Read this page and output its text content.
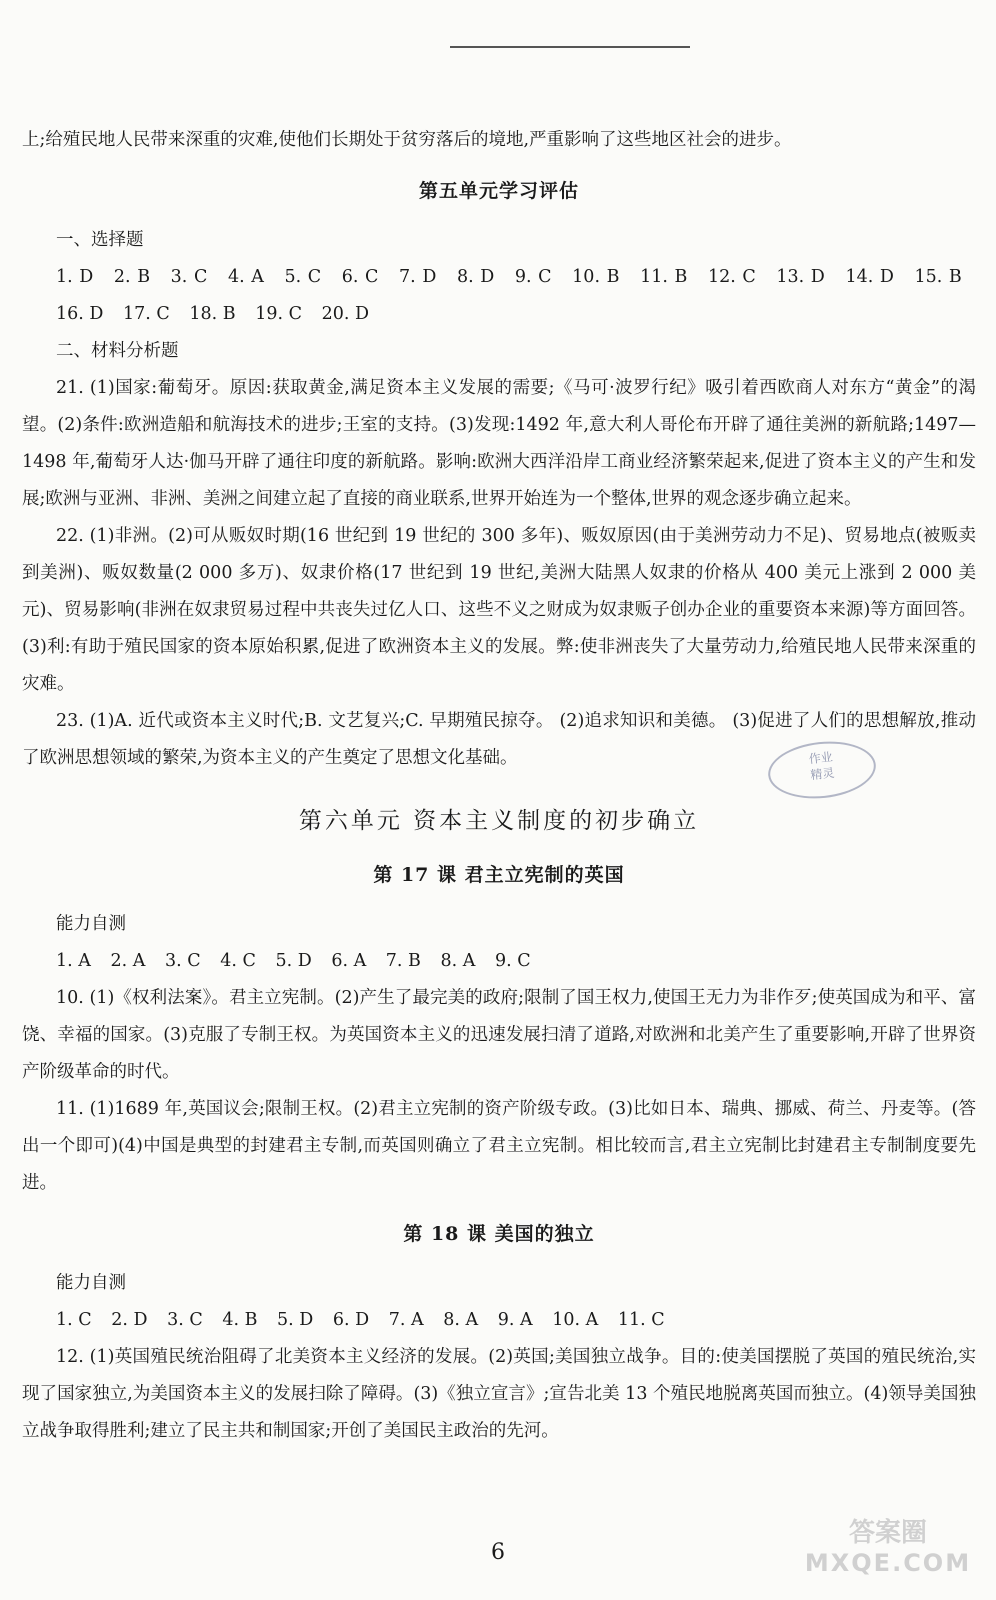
上;给殖民地人民带来深重的灾难,使他们长期处于贫穷落后的境地,严重影响了这些地区社会的进步。

第五单元学习评估

一、选择题

1. D 2. B 3. C 4. A 5. C 6. C 7. D 8. D 9. C 10. B 11. B 12. C 13. D 14. D 15. B 16. D 17. C 18. B 19. C 20. D

二、材料分析题

21. (1)国家:葡萄牙。原因:获取黄金,满足资本主义发展的需要;《马可·波罗行纪》吸引着西欧商人对东方“黄金”的渴望。(2)条件:欧洲造船和航海技术的进步;王室的支持。(3)发现:1492 年,意大利人哥伦布开辟了通往美洲的新航路;1497—1498 年,葡萄牙人达·伽马开辟了通往印度的新航路。影响:欧洲大西洋沿岸工商业经济繁荣起来,促进了资本主义的产生和发展;欧洲与亚洲、非洲、美洲之间建立起了直接的商业联系,世界开始连为一个整体,世界的观念逐步确立起来。

22. (1)非洲。(2)可从贩奴时期(16 世纪到 19 世纪的 300 多年)、贩奴原因(由于美洲劳动力不足)、贸易地点(被贩卖到美洲)、贩奴数量(2 000 多万)、奴隶价格(17 世纪到 19 世纪,美洲大陆黑人奴隶的价格从 400 美元上涨到 2 000 美元)、贸易影响(非洲在奴隶贸易过程中共丧失过亿人口、这些不义之财成为奴隶贩子创办企业的重要资本来源)等方面回答。(3)利:有助于殖民国家的资本原始积累,促进了欧洲资本主义的发展。弊:使非洲丧失了大量劳动力,给殖民地人民带来深重的灾难。

23. (1)A. 近代或资本主义时代;B. 文艺复兴;C. 早期殖民掠夺。 (2)追求知识和美德。 (3)促进了人们的思想解放,推动了欧洲思想领域的繁荣,为资本主义的产生奠定了思想文化基础。

第六单元 资本主义制度的初步确立
第 17 课 君主立宪制的英国

能力自测

1. A 2. A 3. C 4. C 5. D 6. A 7. B 8. A 9. C

10. (1)《权利法案》。君主立宪制。(2)产生了最完美的政府;限制了国王权力,使国王无力为非作歹;使英国成为和平、富饶、幸福的国家。(3)克服了专制王权。为英国资本主义的迅速发展扫清了道路,对欧洲和北美产生了重要影响,开辟了世界资产阶级革命的时代。

11. (1)1689 年,英国议会;限制王权。(2)君主立宪制的资产阶级专政。(3)比如日本、瑞典、挪威、荷兰、丹麦等。(答出一个即可)(4)中国是典型的封建君主专制,而英国则确立了君主立宪制。相比较而言,君主立宪制比封建君主专制制度要先进。

第 18 课 美国的独立

能力自测

1. C 2. D 3. C 4. B 5. D 6. D 7. A 8. A 9. A 10. A 11. C

12. (1)英国殖民统治阻碍了北美资本主义经济的发展。(2)英国;美国独立战争。目的:使美国摆脱了英国的殖民统治,实现了国家独立,为美国资本主义的发展扫除了障碍。(3)《独立宣言》;宣告北美 13 个殖民地脱离英国而独立。(4)领导美国独立战争取得胜利;建立了民主共和制国家;开创了美国民主政治的先河。

作业
精灵
6
答案圈
MXQE.COM
